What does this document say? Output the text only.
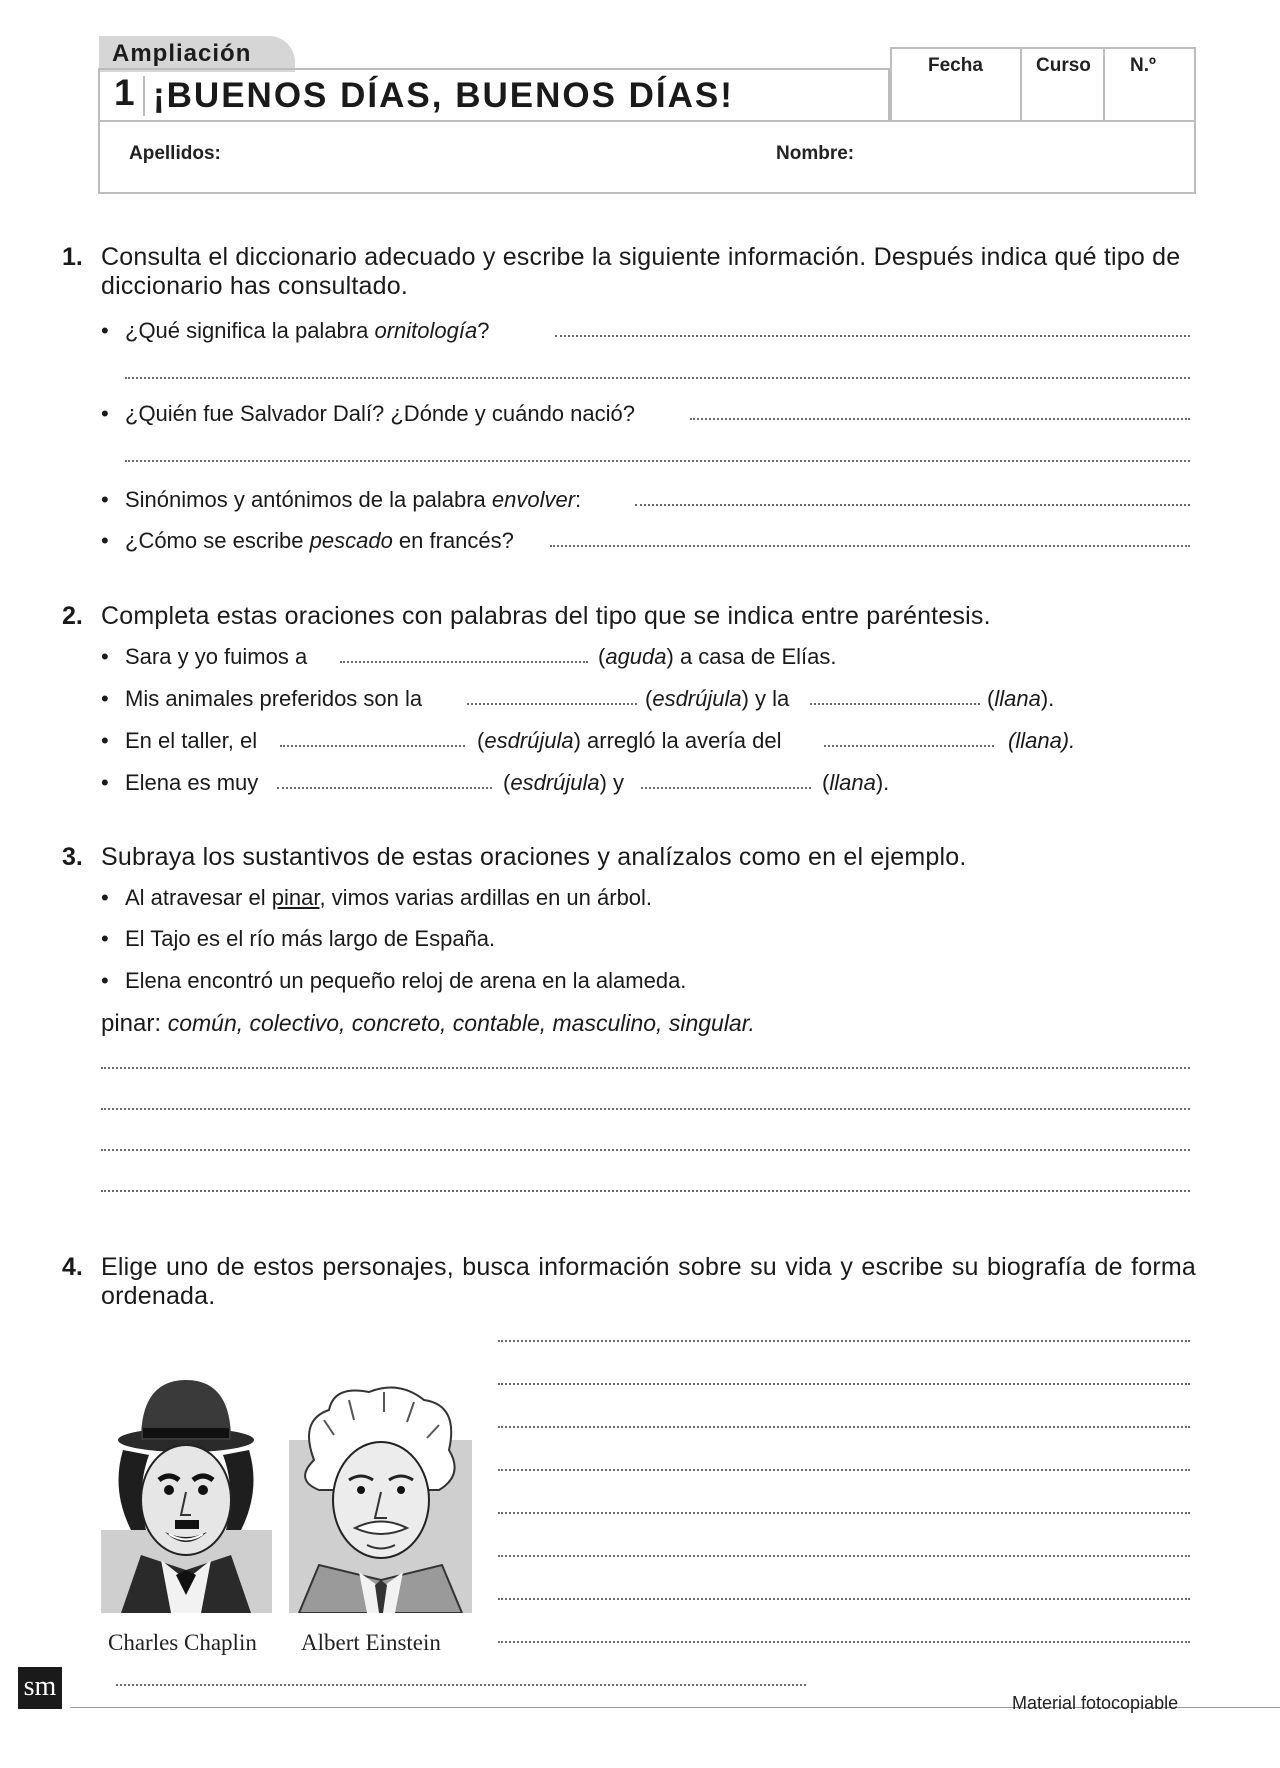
Ampliación
1 ¡BUENOS DÍAS, BUENOS DÍAS!
Fecha	Curso N.º
Apellidos:	Nombre:
1. Consulta el diccionario adecuado y escribe la siguiente información. Después indica qué tipo de diccionario has consultado.
• ¿Qué significa la palabra ornitología?
• ¿Quién fue Salvador Dalí? ¿Dónde y cuándo nació?
• Sinónimos y antónimos de la palabra envolver:
• ¿Cómo se escribe pescado en francés?
2. Completa estas oraciones con palabras del tipo que se indica entre paréntesis.
• Sara y yo fuimos a	(aguda) a casa de Elías.
• Mis animales preferidos son la	(esdrújula) y la	(llana).
• En el taller, el	(esdrújula) arregló la avería del	(llana).
• Elena es muy	(esdrújula) y	(llana).
3. Subraya los sustantivos de estas oraciones y analízalos como en el ejemplo.
• Al atravesar el pinar, vimos varias ardillas en un árbol.
• El Tajo es el río más largo de España.
• Elena encontró un pequeño reloj de arena en la alameda.
pinar: común, colectivo, concreto, contable, masculino, singular.
4. Elige uno de estos personajes, busca información sobre su vida y escribe su biografía de forma ordenada.
Charles Chaplin Albert Einstein
sm
Material fotocopiable
